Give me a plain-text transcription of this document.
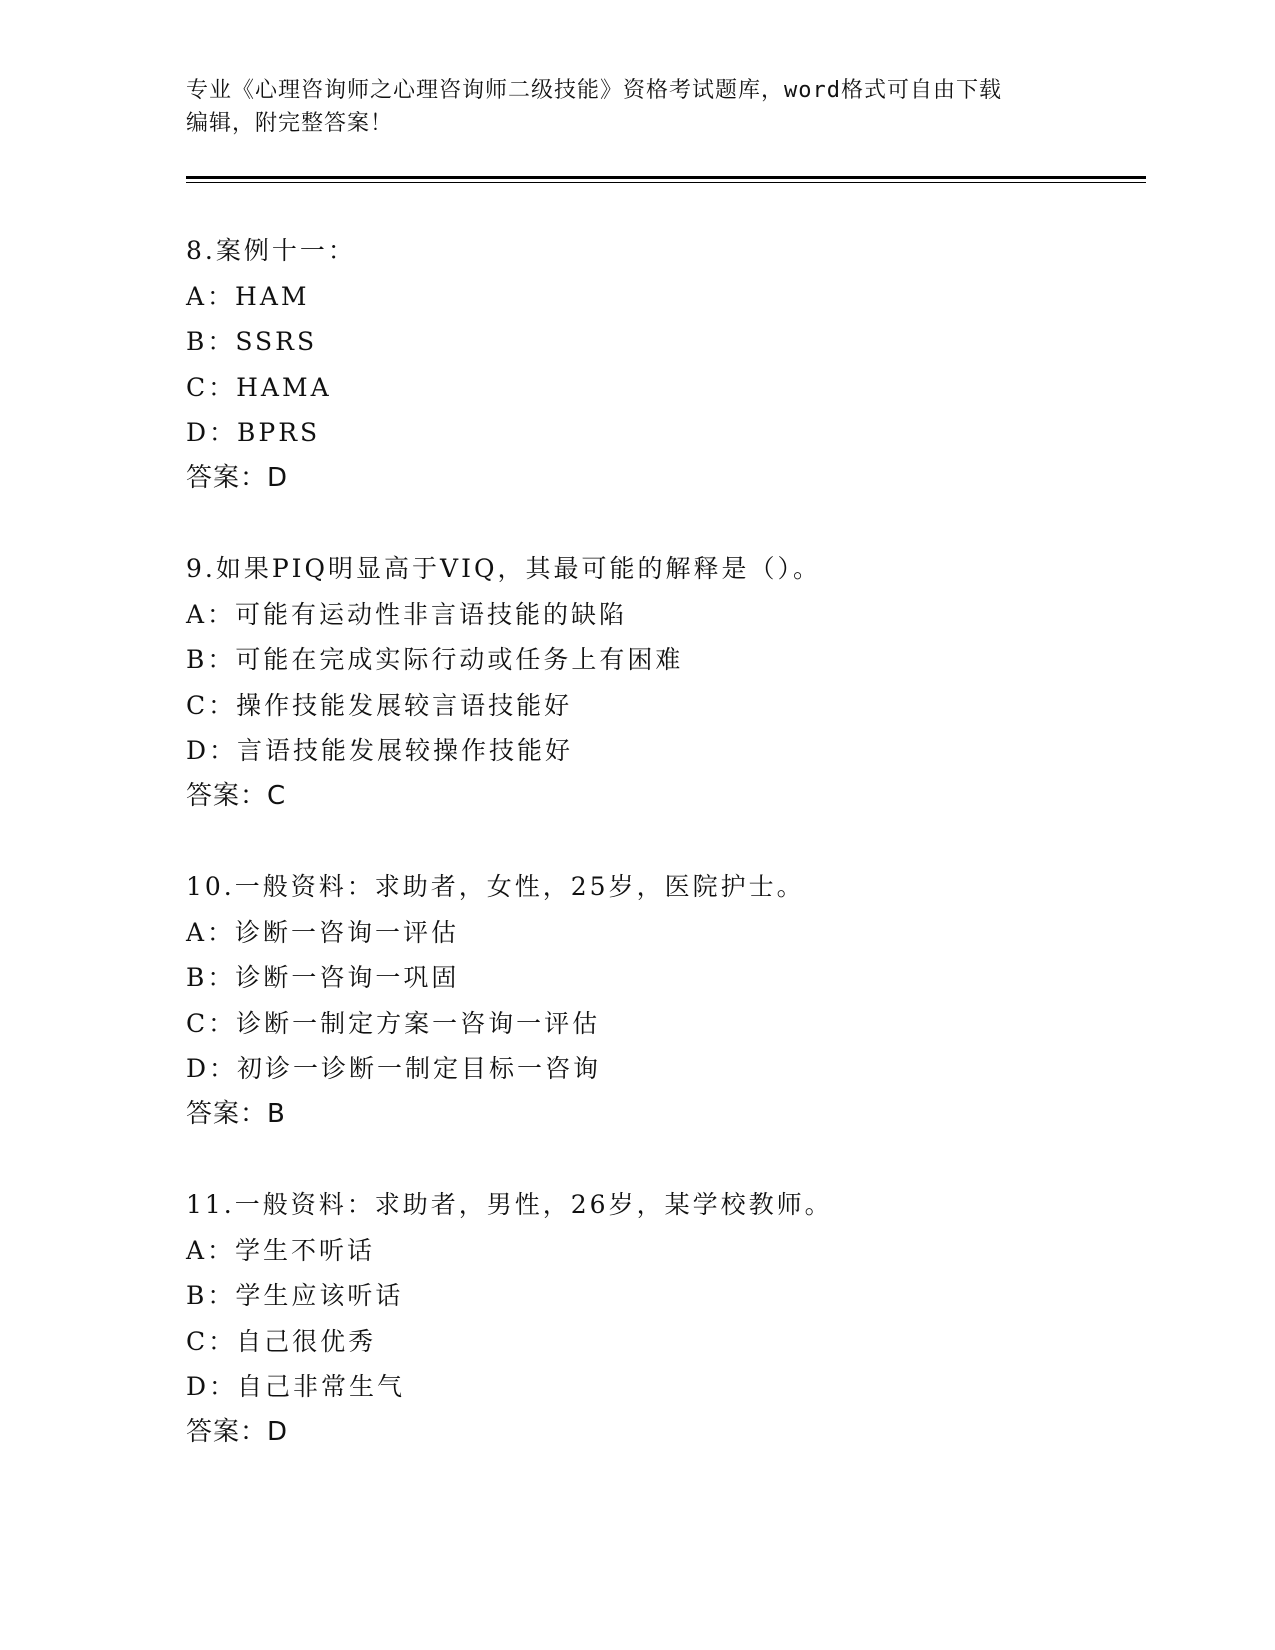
专业《心理咨询师之心理咨询师二级技能》资格考试题库，word格式可自由下载
编辑，附完整答案！
8.案例十一：
A：HAM
B：SSRS
C：HAMA
D：BPRS
答案：D
9.如果PIQ明显高于VIQ，其最可能的解释是（）。
A：可能有运动性非言语技能的缺陷
B：可能在完成实际行动或任务上有困难
C：操作技能发展较言语技能好
D：言语技能发展较操作技能好
答案：C
10.一般资料：求助者，女性，25岁，医院护士。
A：诊断一咨询一评估
B：诊断一咨询一巩固
C：诊断一制定方案一咨询一评估
D：初诊一诊断一制定目标一咨询
答案：B
11.一般资料：求助者，男性，26岁，某学校教师。
A：学生不听话
B：学生应该听话
C：自己很优秀
D：自己非常生气
答案：D
